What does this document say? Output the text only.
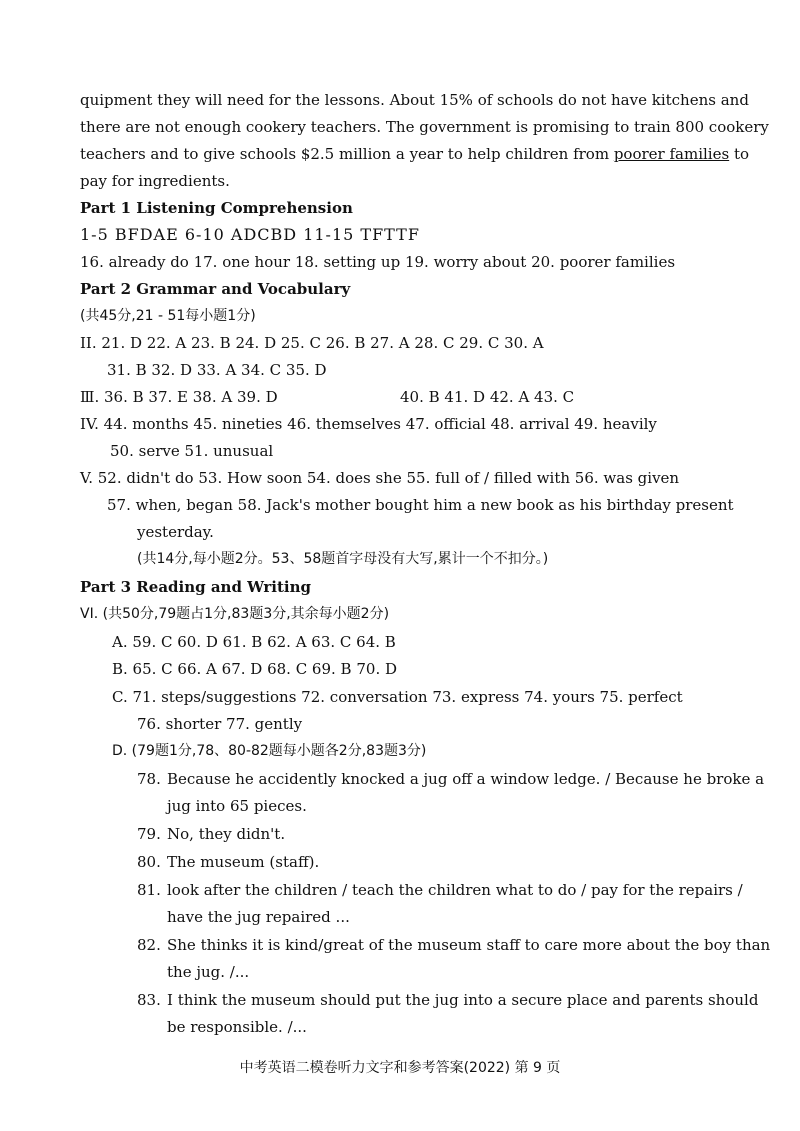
quipment they will need for the lessons. About 15% of schools do not have kitchens and
there are not enough cookery teachers. The government is promising to train 800 cookery
teachers and to give schools $2.5 million a year to help children from poorer families to
pay for ingredients.
Part 1 Listening Comprehension
1-5 BFDAE 6-10 ADCBD 11-15 TFTTF
16. already do 17. one hour 18. setting up 19. worry about 20. poorer families
Part 2 Grammar and Vocabulary
(共45分,21 - 51每小题1分)
II. 21. D 22. A 23. B 24. D 25. C 26. B 27. A 28. C 29. C 30. A
31. B 32. D 33. A 34. C 35. D
Ⅲ. 36. B 37. E 38. A 39. D	40. B 41. D 42. A 43. C
IV. 44. months 45. nineties 46. themselves 47. official 48. arrival 49. heavily
50. serve 51. unusual
V. 52. didn't do 53. How soon 54. does she 55. full of / filled with 56. was given
57. when, began 58. Jack's mother bought him a new book as his birthday present
yesterday.
(共14分,每小题2分。53、58题首字母没有大写,累计一个不扣分。)
Part 3 Reading and Writing
VI. (共50分,79题占1分,83题3分,其余每小题2分)
A. 59. C 60. D 61. B 62. A 63. C 64. B
B. 65. C 66. A 67. D 68. C 69. B 70. D
C. 71. steps/suggestions 72. conversation 73. express 74. yours 75. perfect
76. shorter 77. gently
D. (79题1分,78、80-82题每小题各2分,83题3分)
78. Because he accidently knocked a jug off a window ledge. / Because he broke a
jug into 65 pieces.
79. No, they didn't.
80. The museum (staff).
81. look after the children / teach the children what to do / pay for the repairs /
have the jug repaired ...
82. She thinks it is kind/great of the museum staff to care more about the boy than
the jug. /...
83. I think the museum should put the jug into a secure place and parents should
be responsible. /...
中考英语二模卷听力文字和参考答案(2022) 第 9 页
